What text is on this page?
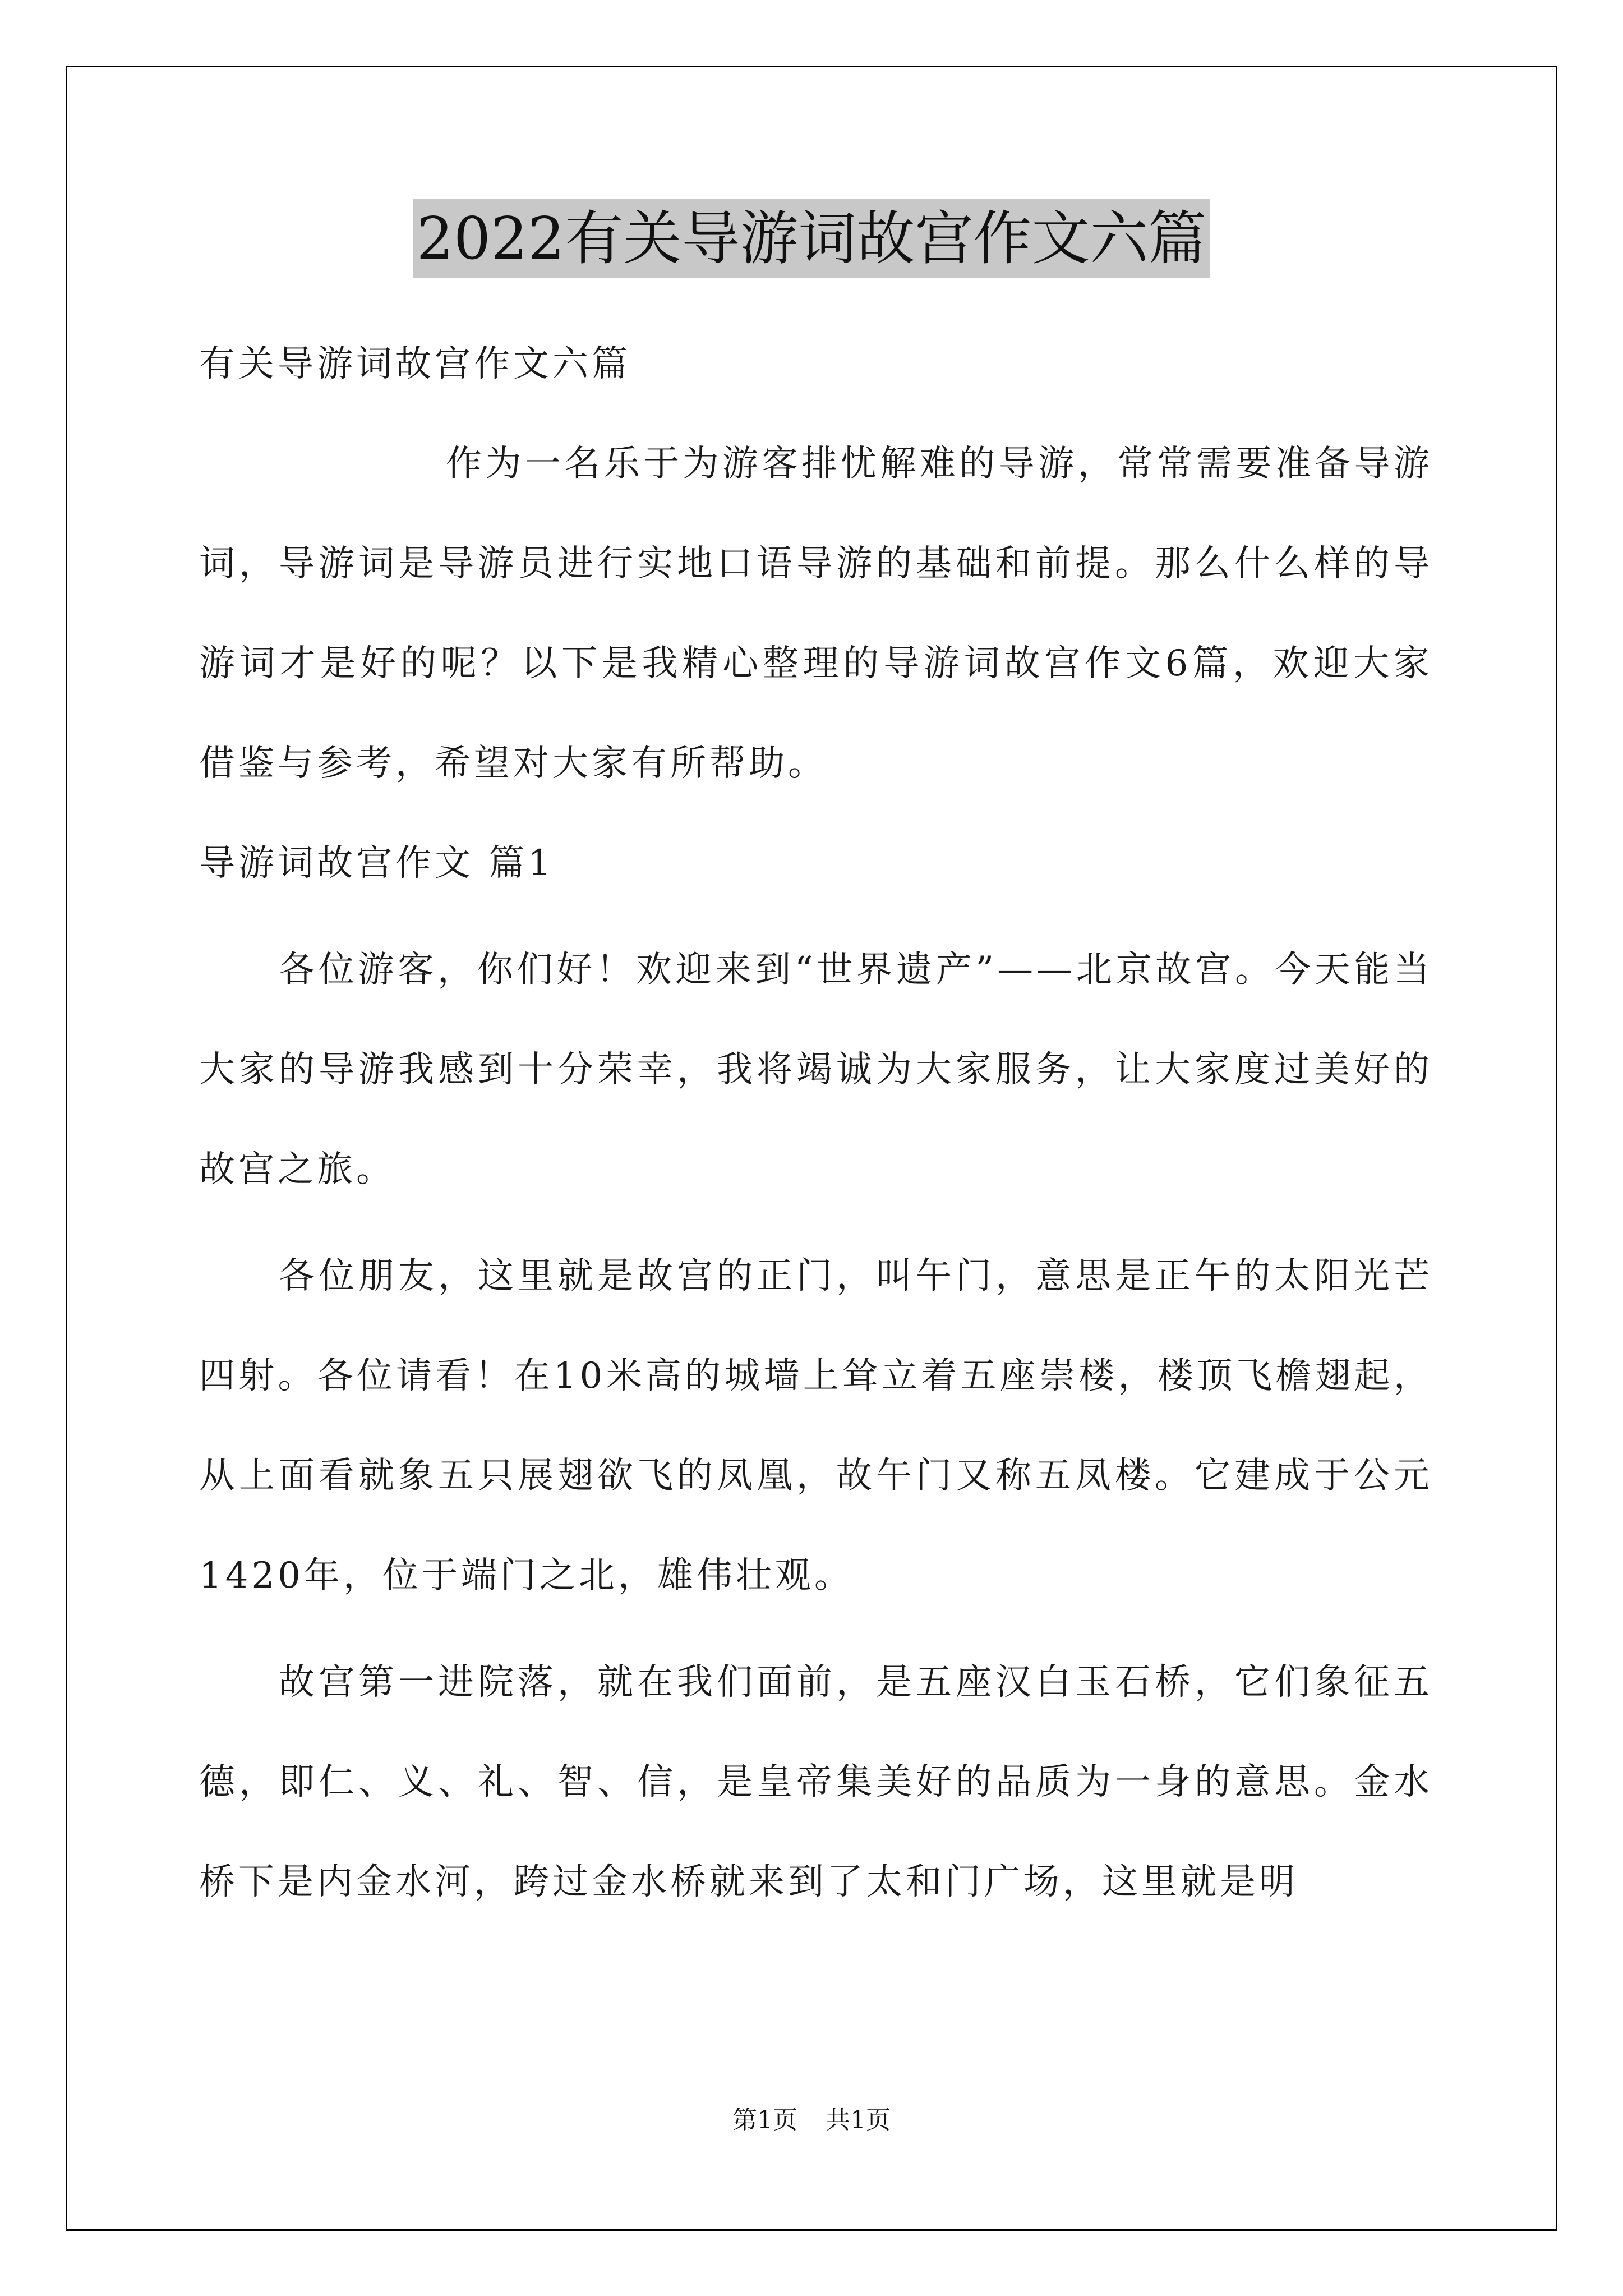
2022有关导游词故宫作文六篇

有关导游词故宫作文六篇

作为一名乐于为游客排忧解难的导游，常常需要准备导游词，导游词是导游员进行实地口语导游的基础和前提。那么什么样的导游词才是好的呢？以下是我精心整理的导游词故宫作文6篇，欢迎大家借鉴与参考，希望对大家有所帮助。

导游词故宫作文 篇1

各位游客，你们好！欢迎来到“世界遗产”——北京故宫。今天能当大家的导游我感到十分荣幸，我将竭诚为大家服务，让大家度过美好的故宫之旅。

各位朋友，这里就是故宫的正门，叫午门，意思是正午的太阳光芒四射。各位请看！在10米高的城墙上耸立着五座崇楼，楼顶飞檐翅起，从上面看就象五只展翅欲飞的凤凰，故午门又称五凤楼。它建成于公元1420年，位于端门之北，雄伟壮观。

故宫第一进院落，就在我们面前，是五座汉白玉石桥，它们象征五德，即仁、义、礼、智、信，是皇帝集美好的品质为一身的意思。金水桥下是内金水河，跨过金水桥就来到了太和门广场，这里就是明

第1页 共1页
